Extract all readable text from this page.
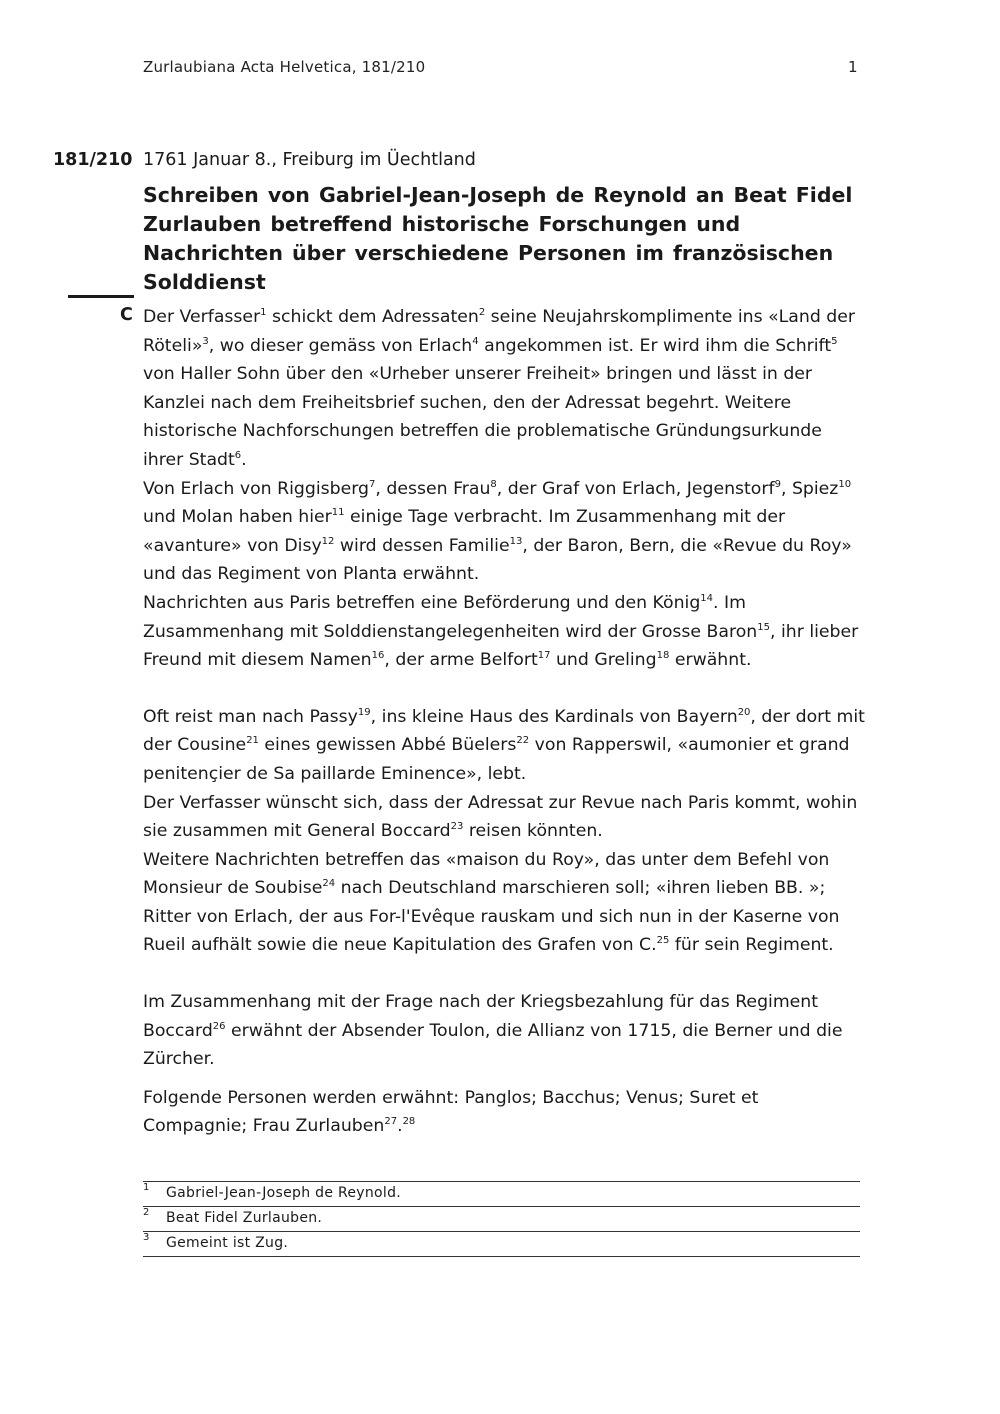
Zurlaubiana Acta Helvetica, 181/210	1
181/210 1761 Januar 8., Freiburg im Üechtland
Schreiben von Gabriel-Jean-Joseph de Reynold an Beat Fidel Zurlauben betreffend historische Forschungen und Nachrichten über verschiedene Personen im französischen Solddienst
C Der Verfasser$^1$ schickt dem Adressaten$^2$ seine Neujahrskomplimente ins «Land der Röteli»$^3$, wo dieser gemäss von Erlach$^4$ angekommen ist. Er wird ihm die Schrift$^5$ von Haller Sohn über den «Urheber unserer Freiheit» bringen und lässt in der Kanzlei nach dem Freiheitsbrief suchen, den der Adressat begehrt. Weitere historische Nachforschungen betreffen die problematische Gründungsurkunde ihrer Stadt$^6$.

Von Erlach von Riggisberg$^7$, dessen Frau$^8$, der Graf von Erlach, Jegenstorf$^9$, Spiez$^{10}$ und Molan haben hier$^{11}$ einige Tage verbracht. Im Zusammenhang mit der «avanture» von Disy$^{12}$ wird dessen Familie$^{13}$, der Baron, Bern, die «Revue du Roy» und das Regiment von Planta erwähnt.

Nachrichten aus Paris betreffen eine Beförderung und den König$^{14}$. Im Zusammenhang mit Solddienstangelegenheiten wird der Grosse Baron$^{15}$, ihr lieber Freund mit diesem Namen$^{16}$, der arme Belfort$^{17}$ und Greling$^{18}$ erwähnt.

Oft reist man nach Passy$^{19}$, ins kleine Haus des Kardinals von Bayern$^{20}$, der dort mit der Cousine$^{21}$ eines gewissen Abbé Büelers$^{22}$ von Rapperswil, «aumonier et grand penitençier de Sa paillarde Eminence», lebt.

Der Verfasser wünscht sich, dass der Adressat zur Revue nach Paris kommt, wohin sie zusammen mit General Boccard$^{23}$ reisen könnten.

Weitere Nachrichten betreffen das «maison du Roy», das unter dem Befehl von Monsieur de Soubise$^{24}$ nach Deutschland marschieren soll; «ihren lieben BB. »; Ritter von Erlach, der aus For-l'Evêque rauskam und sich nun in der Kaserne von Rueil aufhält sowie die neue Kapitulation des Grafen von C.$^{25}$ für sein Regiment.

Im Zusammenhang mit der Frage nach der Kriegsbezahlung für das Regiment Boccard$^{26}$ erwähnt der Absender Toulon, die Allianz von 1715, die Berner und die Zürcher.

Folgende Personen werden erwähnt: Panglos; Bacchus; Venus; Suret et Compagnie; Frau Zurlauben$^{27}$.$^{28}$

1 Gabriel-Jean-Joseph de Reynold.
2 Beat Fidel Zurlauben.
3 Gemeint ist Zug.
